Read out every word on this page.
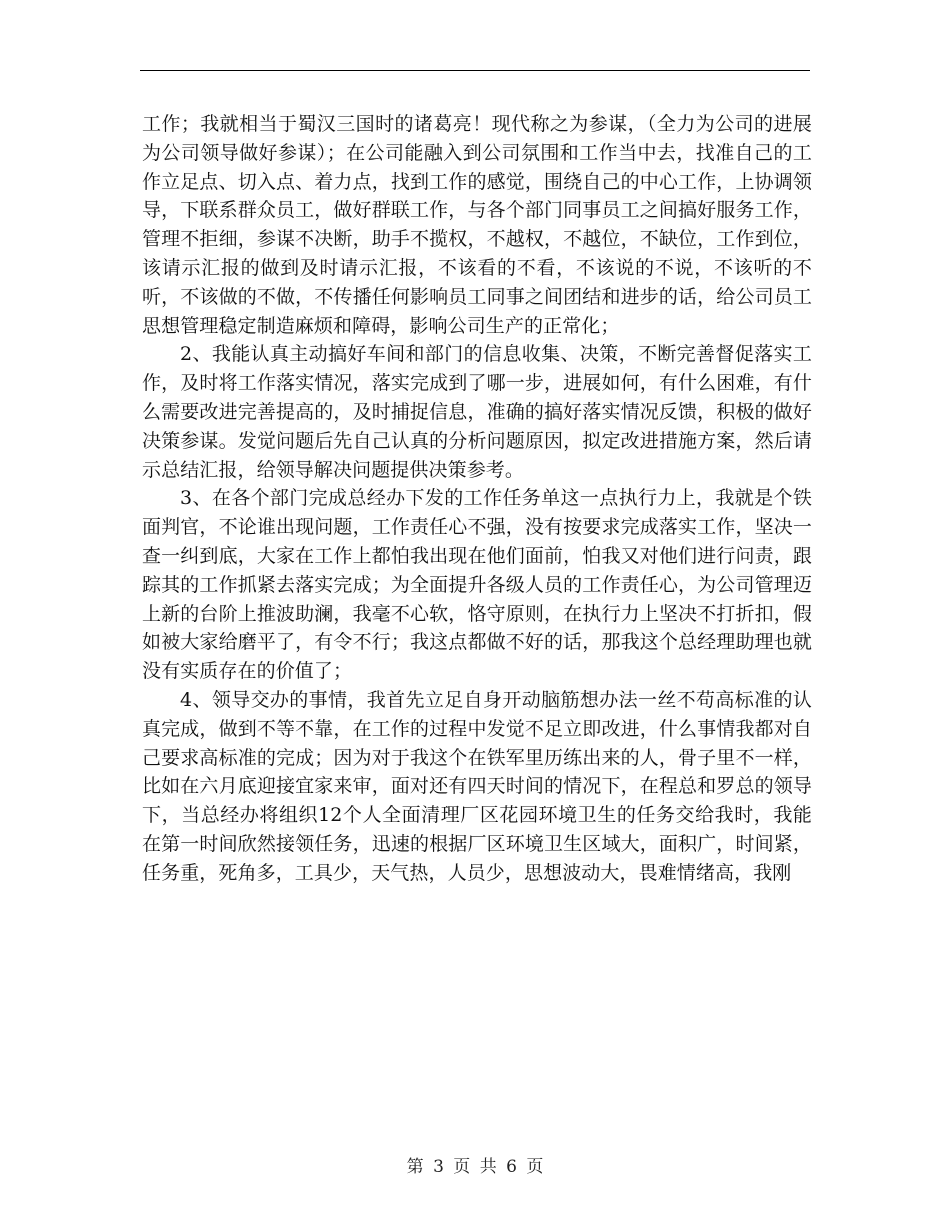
工作；我就相当于蜀汉三国时的诸葛亮！现代称之为参谋，（全力为公司的进展为公司领导做好参谋）；在公司能融入到公司氛围和工作当中去，找准自己的工作立足点、切入点、着力点，找到工作的感觉，围绕自己的中心工作，上协调领导，下联系群众员工，做好群联工作，与各个部门同事员工之间搞好服务工作，管理不拒细，参谋不决断，助手不揽权，不越权，不越位，不缺位，工作到位，该请示汇报的做到及时请示汇报，不该看的不看，不该说的不说，不该听的不听，不该做的不做，不传播任何影响员工同事之间团结和进步的话，给公司员工思想管理稳定制造麻烦和障碍，影响公司生产的正常化；

2、我能认真主动搞好车间和部门的信息收集、决策，不断完善督促落实工作，及时将工作落实情况，落实完成到了哪一步，进展如何，有什么困难，有什么需要改进完善提高的，及时捕捉信息，准确的搞好落实情况反馈，积极的做好决策参谋。发觉问题后先自己认真的分析问题原因，拟定改进措施方案，然后请示总结汇报，给领导解决问题提供决策参考。

3、在各个部门完成总经办下发的工作任务单这一点执行力上，我就是个铁面判官，不论谁出现问题，工作责任心不强，没有按要求完成落实工作，坚决一查一纠到底，大家在工作上都怕我出现在他们面前，怕我又对他们进行问责，跟踪其的工作抓紧去落实完成；为全面提升各级人员的工作责任心，为公司管理迈上新的台阶上推波助澜，我毫不心软，恪守原则，在执行力上坚决不打折扣，假如被大家给磨平了，有令不行；我这点都做不好的话，那我这个总经理助理也就没有实质存在的价值了；

4、领导交办的事情，我首先立足自身开动脑筋想办法一丝不苟高标准的认真完成，做到不等不靠，在工作的过程中发觉不足立即改进，什么事情我都对自己要求高标准的完成；因为对于我这个在铁军里历练出来的人，骨子里不一样，比如在六月底迎接宜家来审，面对还有四天时间的情况下，在程总和罗总的领导下，当总经办将组织12个人全面清理厂区花园环境卫生的任务交给我时，我能在第一时间欣然接领任务，迅速的根据厂区环境卫生区域大，面积广，时间紧，任务重，死角多，工具少，天气热，人员少，思想波动大，畏难情绪高，我刚

第 3 页 共 6 页
